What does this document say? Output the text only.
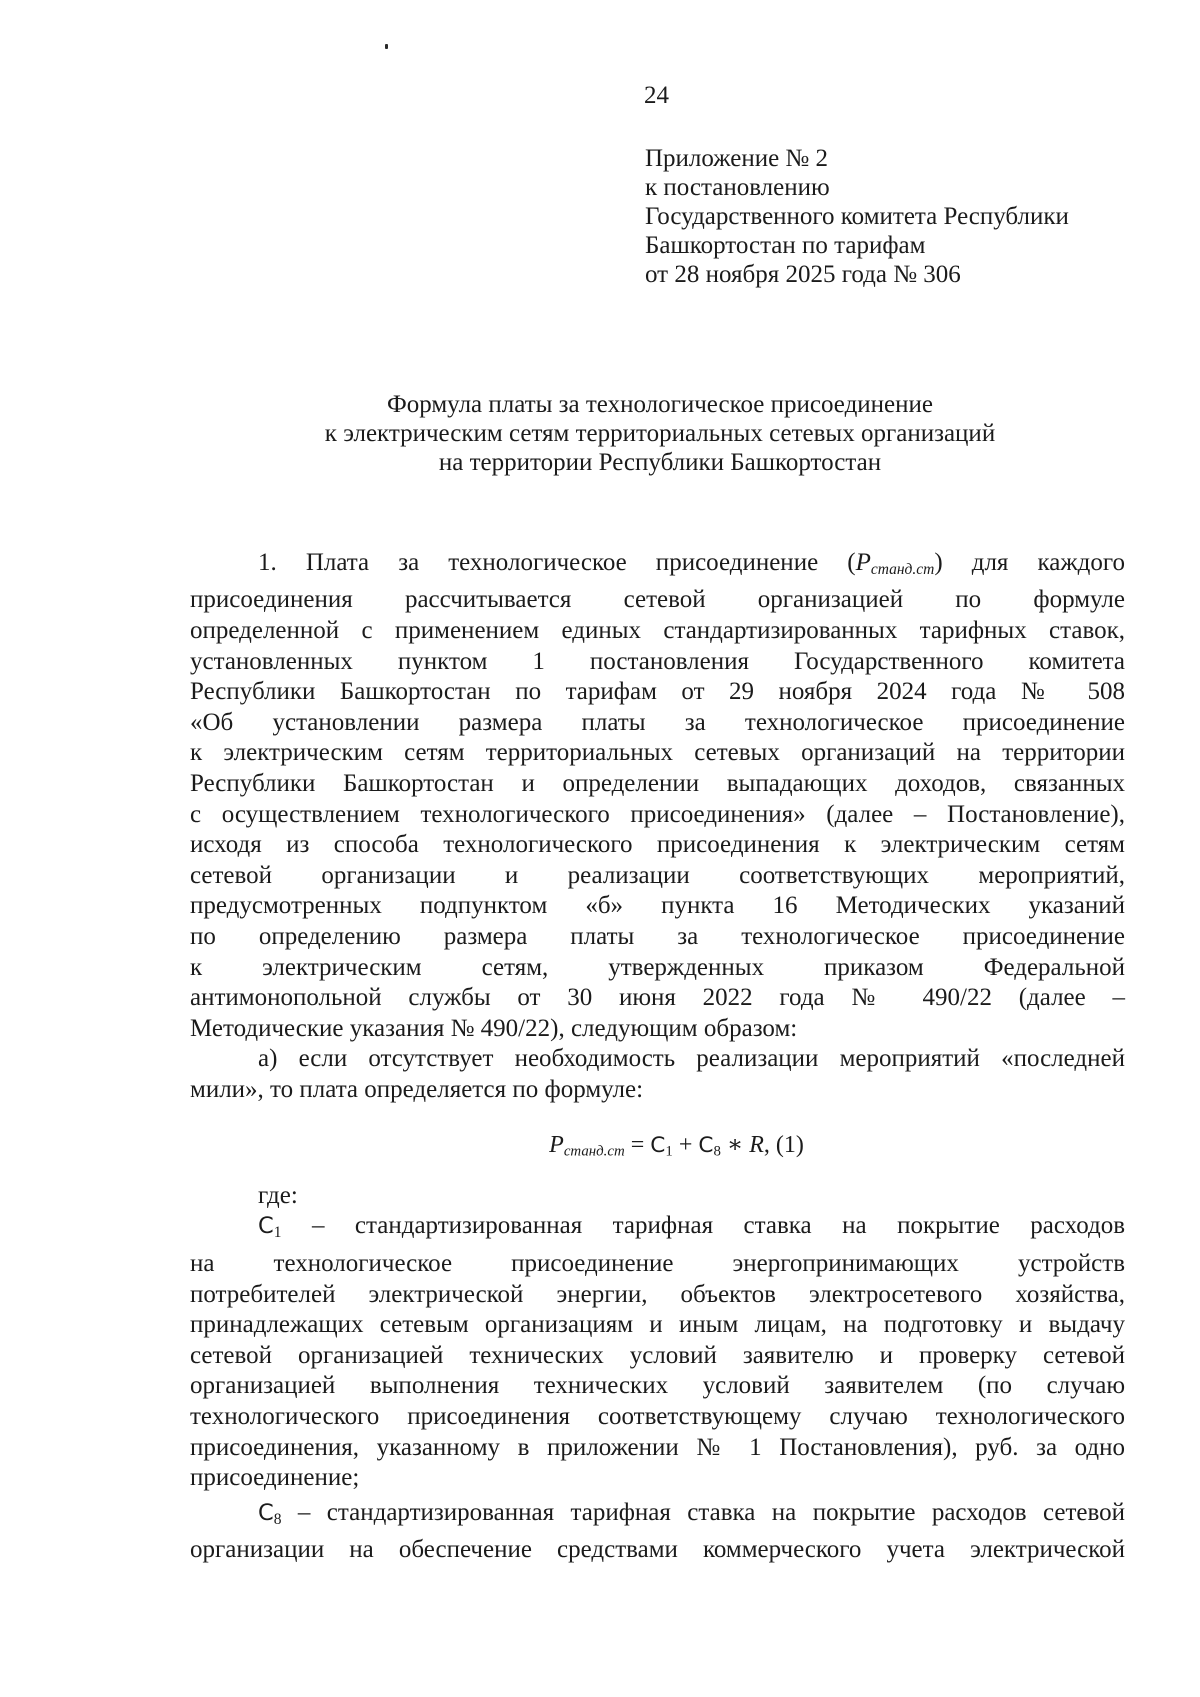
24
Приложение № 2
к постановлению
Государственного комитета Республики
Башкортостан по тарифам
от 28 ноября 2025 года № 306
Формула платы за технологическое присоединение
к электрическим сетям территориальных сетевых организаций
на территории Республики Башкортостан
1. Плата за технологическое присоединение $(P_{станд.ст})$ для каждого
присоединения рассчитывается сетевой организацией по формуле
определенной с применением единых стандартизированных тарифных ставок,
установленных пунктом 1 постановления Государственного комитета
Республики Башкортостан по тарифам от 29 ноября 2024 года № 508
«Об установлении размера платы за технологическое присоединение
к электрическим сетям территориальных сетевых организаций на территории
Республики Башкортостан и определении выпадающих доходов, связанных
с осуществлением технологического присоединения» (далее – Постановление),
исходя из способа технологического присоединения к электрическим сетям
сетевой организации и реализации соответствующих мероприятий,
предусмотренных подпунктом «б» пункта 16 Методических указаний
по определению размера платы за технологическое присоединение
к электрическим сетям, утвержденных приказом Федеральной
антимонопольной службы от 30 июня 2022 года № 490/22 (далее –
Методические указания № 490/22), следующим образом:
а) если отсутствует необходимость реализации мероприятий «последней
мили», то плата определяется по формуле:
$P_{станд.ст} = C_1 + C_8$ ∗ R, (1)
где:
$C_1$ – стандартизированная тарифная ставка на покрытие расходов
на технологическое присоединение энергопринимающих устройств
потребителей электрической энергии, объектов электросетевого хозяйства,
принадлежащих сетевым организациям и иным лицам, на подготовку и выдачу
сетевой организацией технических условий заявителю и проверку сетевой
организацией выполнения технических условий заявителем (по случаю
технологического присоединения соответствующему случаю технологического
присоединения, указанному в приложении № 1 Постановления), руб. за одно
присоединение;
$C_8$ – стандартизированная тарифная ставка на покрытие расходов сетевой
организации на обеспечение средствами коммерческого учета электрической
